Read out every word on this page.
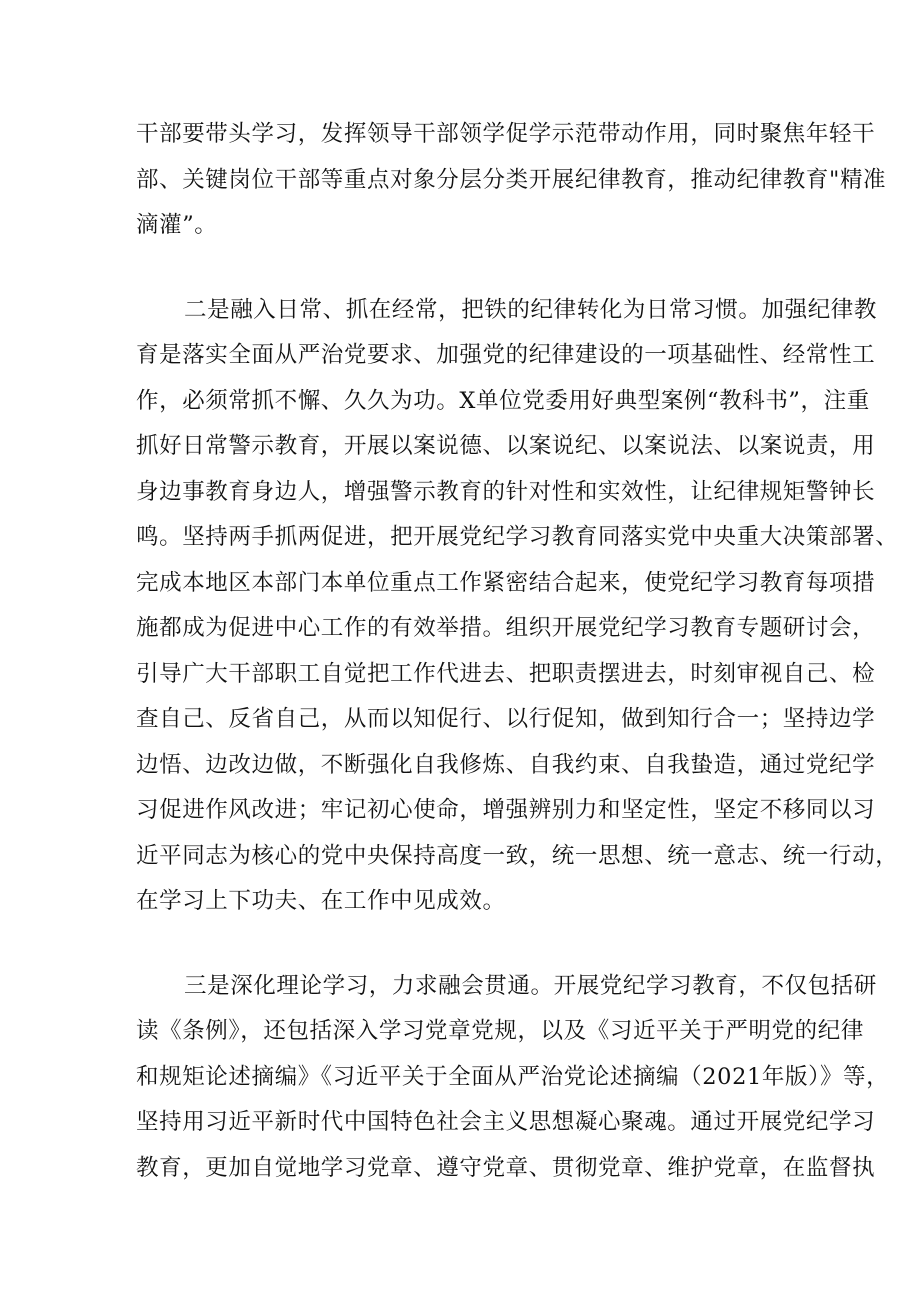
干部要带头学习，发挥领导干部领学促学示范带动作用，同时聚焦年轻干
部、关键岗位干部等重点对象分层分类开展纪律教育，推动纪律教育"精准
滴灌”。
二是融入日常、抓在经常，把铁的纪律转化为日常习惯。加强纪律教
育是落实全面从严治党要求、加强党的纪律建设的一项基础性、经常性工
作，必须常抓不懈、久久为功。X单位党委用好典型案例“教科书”，注重
抓好日常警示教育，开展以案说德、以案说纪、以案说法、以案说责，用
身边事教育身边人，增强警示教育的针对性和实效性，让纪律规矩警钟长
鸣。坚持两手抓两促进，把开展党纪学习教育同落实党中央重大决策部署、
完成本地区本部门本单位重点工作紧密结合起来，使党纪学习教育每项措
施都成为促进中心工作的有效举措。组织开展党纪学习教育专题研讨会，
引导广大干部职工自觉把工作代进去、把职责摆进去，时刻审视自己、检
查自己、反省自己，从而以知促行、以行促知，做到知行合一；坚持边学
边悟、边改边做，不断强化自我修炼、自我约束、自我蛰造，通过党纪学
习促进作风改进；牢记初心使命，增强辨别力和坚定性，坚定不移同以习
近平同志为核心的党中央保持高度一致，统一思想、统一意志、统一行动，
在学习上下功夫、在工作中见成效。
三是深化理论学习，力求融会贯通。开展党纪学习教育，不仅包括研
读《条例》，还包括深入学习党章党规，以及《习近平关于严明党的纪律
和规矩论述摘编》《习近平关于全面从严治党论述摘编（2021年版）》等，
坚持用习近平新时代中国特色社会主义思想凝心聚魂。通过开展党纪学习
教育，更加自觉地学习党章、遵守党章、贯彻党章、维护党章，在监督执
